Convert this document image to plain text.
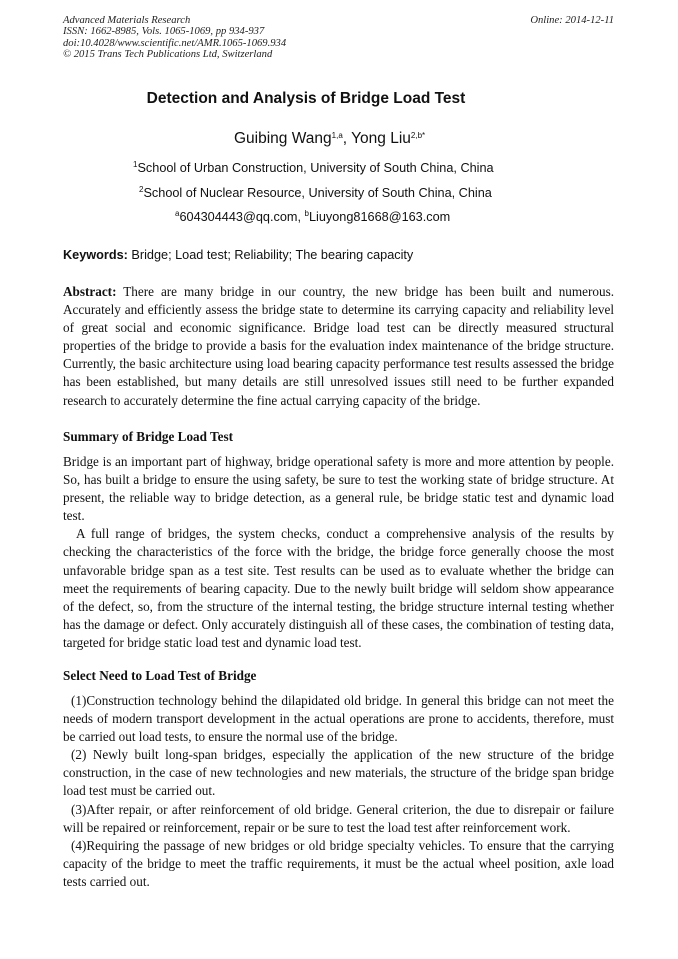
Advanced Materials Research
ISSN: 1662-8985, Vols. 1065-1069, pp 934-937
doi:10.4028/www.scientific.net/AMR.1065-1069.934
© 2015 Trans Tech Publications Ltd, Switzerland
Online: 2014-12-11
Detection and Analysis of Bridge Load Test
Guibing Wang$^{1,a}$, Yong Liu$^{2,b*}$
$^1$School of Urban Construction, University of South China, China
$^2$School of Nuclear Resource, University of South China, China
$^a$604304443@qq.com, $^b$Liuyong81668@163.com
Keywords: Bridge; Load test; Reliability; The bearing capacity

Abstract: There are many bridge in our country, the new bridge has been built and numerous. Accurately and efficiently assess the bridge state to determine its carrying capacity and reliability level of great social and economic significance. Bridge load test can be directly measured structural properties of the bridge to provide a basis for the evaluation index maintenance of the bridge structure. Currently, the basic architecture using load bearing capacity performance test results assessed the bridge has been established, but many details are still unresolved issues still need to be further expanded research to accurately determine the fine actual carrying capacity of the bridge.

Summary of Bridge Load Test

Bridge is an important part of highway, bridge operational safety is more and more attention by people. So, has built a bridge to ensure the using safety, be sure to test the working state of bridge structure. At present, the reliable way to bridge detection, as a general rule, be bridge static test and dynamic load test.

A full range of bridges, the system checks, conduct a comprehensive analysis of the results by checking the characteristics of the force with the bridge, the bridge force generally choose the most unfavorable bridge span as a test site. Test results can be used as to evaluate whether the bridge can meet the requirements of bearing capacity. Due to the newly built bridge will seldom show appearance of the defect, so, from the structure of the internal testing, the bridge structure internal testing whether has the damage or defect. Only accurately distinguish all of these cases, the combination of testing data, targeted for bridge static load test and dynamic load test.

Select Need to Load Test of Bridge

(1)Construction technology behind the dilapidated old bridge. In general this bridge can not meet the needs of modern transport development in the actual operations are prone to accidents, therefore, must be carried out load tests, to ensure the normal use of the bridge.

(2) Newly built long-span bridges, especially the application of the new structure of the bridge construction, in the case of new technologies and new materials, the structure of the bridge span bridge load test must be carried out.

(3)After repair, or after reinforcement of old bridge. General criterion, the due to disrepair or failure will be repaired or reinforcement, repair or be sure to test the load test after reinforcement work.

(4)Requiring the passage of new bridges or old bridge specialty vehicles. To ensure that the carrying capacity of the bridge to meet the traffic requirements, it must be the actual wheel position, axle load tests carried out.
